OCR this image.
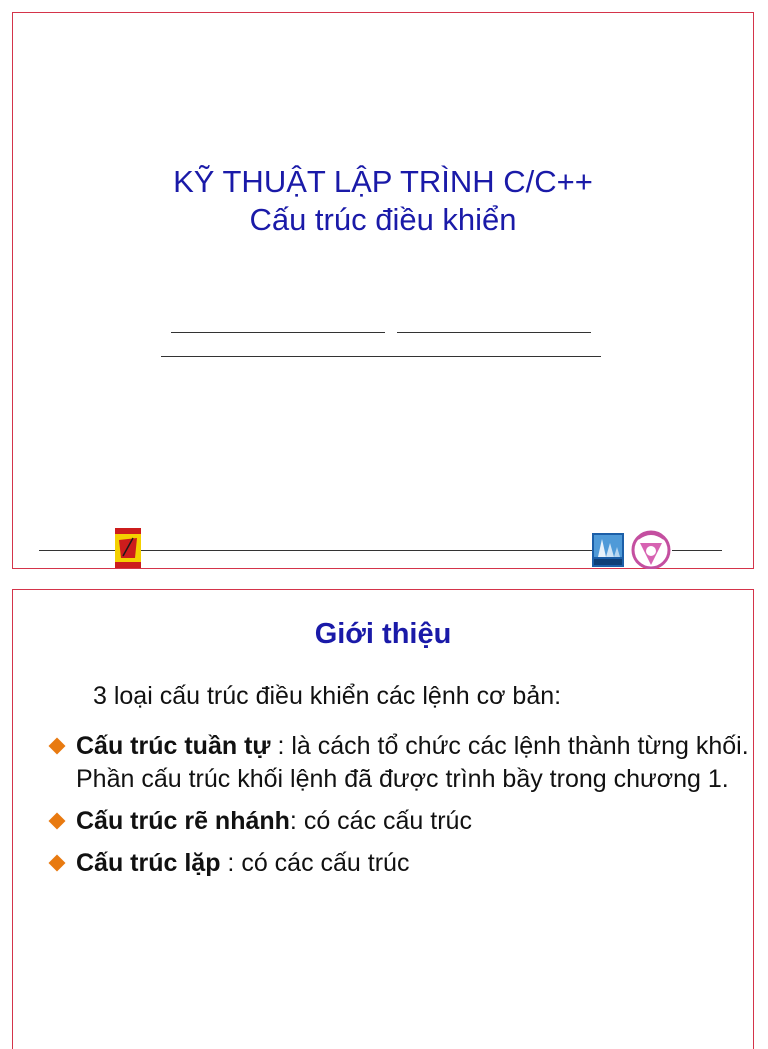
KỸ THUẬT LẬP TRÌNH C/C++
Cấu trúc điều khiển
Giới thiệu
3 loại cấu trúc điều khiển các lệnh cơ bản:
Cấu trúc tuần tự : là cách tổ chức các lệnh thành từng khối. Phần cấu trúc khối lệnh đã được trình bầy trong chương 1.
Cấu trúc rẽ nhánh: có các cấu trúc
Cấu trúc lặp : có các cấu trúc
